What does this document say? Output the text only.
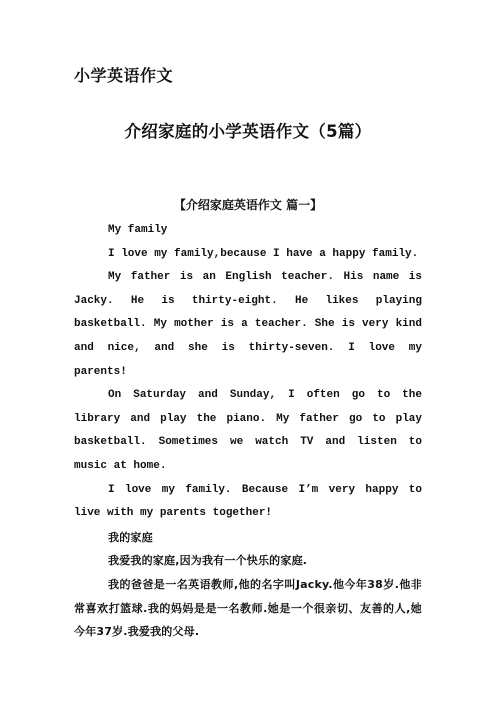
小学英语作文
介绍家庭的小学英语作文（5篇）
【介绍家庭英语作文 篇一】

My family

I love my family,because I have a happy family.

My father is an English teacher. His name is Jacky. He is thirty-eight. He likes playing basketball. My mother is a teacher. She is very kind and nice, and she is thirty-seven. I love my parents!

On Saturday and Sunday, I often go to the library and play the piano. My father go to play basketball. Sometimes we watch TV and listen to music at home.

I love my family. Because I’m very happy to live with my parents together!

我的家庭

我爱我的家庭,因为我有一个快乐的家庭.

我的爸爸是一名英语教师,他的名字叫Jacky.他今年38岁.他非常喜欢打篮球.我的妈妈是是一名教师.她是一个很亲切、友善的人,她今年37岁.我爱我的父母.
